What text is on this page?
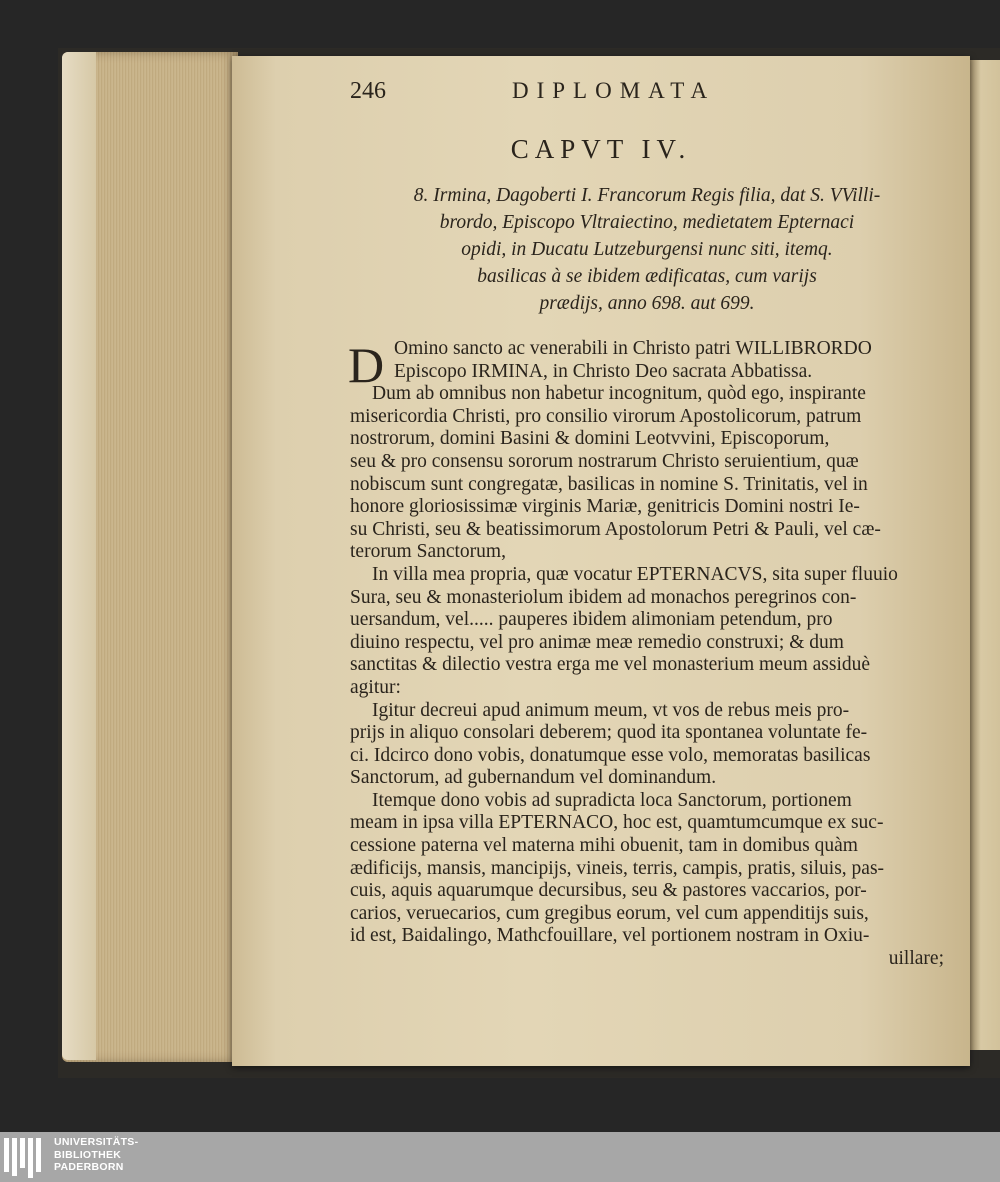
246	DIPLOMATA
CAPVT IV.
8. Irmina, Dagoberti I. Francorum Regis filia, dat S. VVilli-
brordo, Episcopo Vltraiectino, medietatem Epternaci
opidi, in Ducatu Lutzeburgensi nunc siti, itemq.
basilicas à se ibidem ædificatas, cum varijs
prædijs, anno 698. aut 699.
D Omino sancto ac venerabili in Christo patri WILLIBRORDO
Episcopo IRMINA, in Christo Deo sacrata Abbatissa.
Dum ab omnibus non habetur incognitum, quòd ego, inspirante
misericordia Christi, pro consilio virorum Apostolicorum, patrum
nostrorum, domini Basini & domini Leotvvini, Episcoporum,
seu & pro consensu sororum nostrarum Christo seruientium, quæ
nobiscum sunt congregatæ, basilicas in nomine S. Trinitatis, vel in
honore gloriosissimæ virginis Mariæ, genitricis Domini nostri Ie-
su Christi, seu & beatissimorum Apostolorum Petri & Pauli, vel cæ-
terorum Sanctorum,
In villa mea propria, quæ vocatur EPTERNACVS, sita super fluuio
Sura, seu & monasteriolum ibidem ad monachos peregrinos con-
uersandum, vel..... pauperes ibidem alimoniam petendum, pro
diuino respectu, vel pro animæ meæ remedio construxi; & dum
sanctitas & dilectio vestra erga me vel monasterium meum assiduè
agitur:
Igitur decreui apud animum meum, vt vos de rebus meis pro-
prijs in aliquo consolari deberem; quod ita spontanea voluntate fe-
ci. Idcirco dono vobis, donatumque esse volo, memoratas basilicas
Sanctorum, ad gubernandum vel dominandum.
Itemque dono vobis ad supradicta loca Sanctorum, portionem
meam in ipsa villa EPTERNACO, hoc est, quamtumcumque ex suc-
cessione paterna vel materna mihi obuenit, tam in domibus quàm
ædificijs, mansis, mancipijs, vineis, terris, campis, pratis, siluis, pas-
cuis, aquis aquarumque decursibus, seu & pastores vaccarios, por-
carios, veruecarios, cum gregibus eorum, vel cum appenditijs suis,
id est, Baidalingo, Mathcfouillare, vel portionem nostram in Oxiu-
uillare;
UNIVERSITÄTS-
BIBLIOTHEK
PADERBORN
